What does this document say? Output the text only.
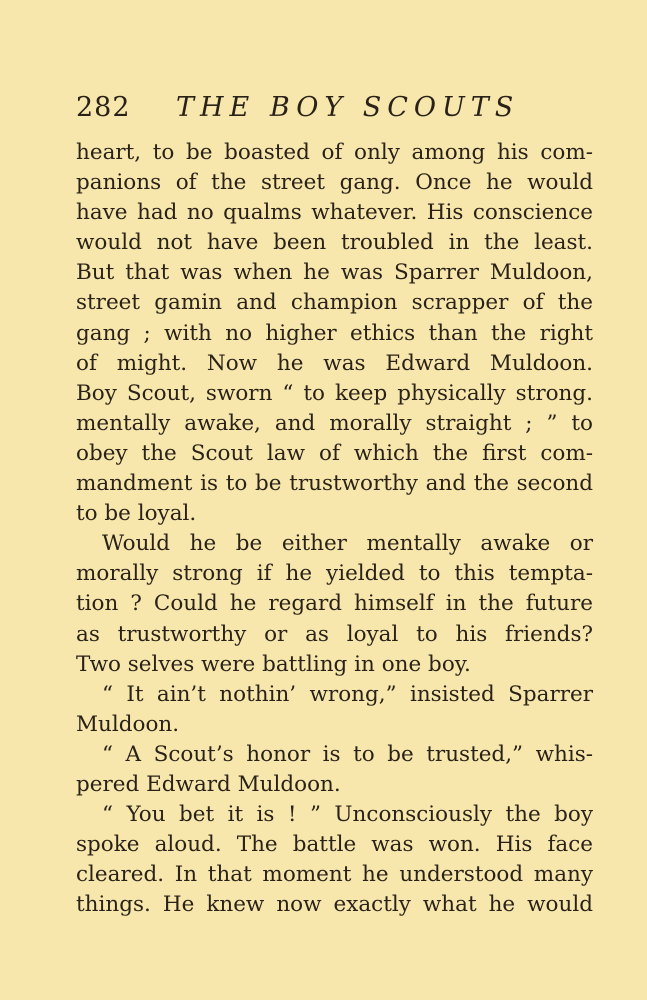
282 THE BOY SCOUTS
heart, to be boasted of only among his com-
panions of the street gang. Once he would
have had no qualms whatever. His conscience
would not have been troubled in the least.
But that was when he was Sparrer Muldoon,
street gamin and champion scrapper of the
gang ; with no higher ethics than the right
of might. Now he was Edward Muldoon.
Boy Scout, sworn “ to keep physically strong.
mentally awake, and morally straight ; ” to
obey the Scout law of which the first com-
mandment is to be trustworthy and the second
to be loyal.
Would he be either mentally awake or
morally strong if he yielded to this tempta-
tion ? Could he regard himself in the future
as trustworthy or as loyal to his friends?
Two selves were battling in one boy.
“ It ain’t nothin’ wrong,” insisted Sparrer
Muldoon.
“ A Scout’s honor is to be trusted,” whis-
pered Edward Muldoon.
“ You bet it is ! ” Unconsciously the boy
spoke aloud. The battle was won. His face
cleared. In that moment he understood many
things. He knew now exactly what he would
